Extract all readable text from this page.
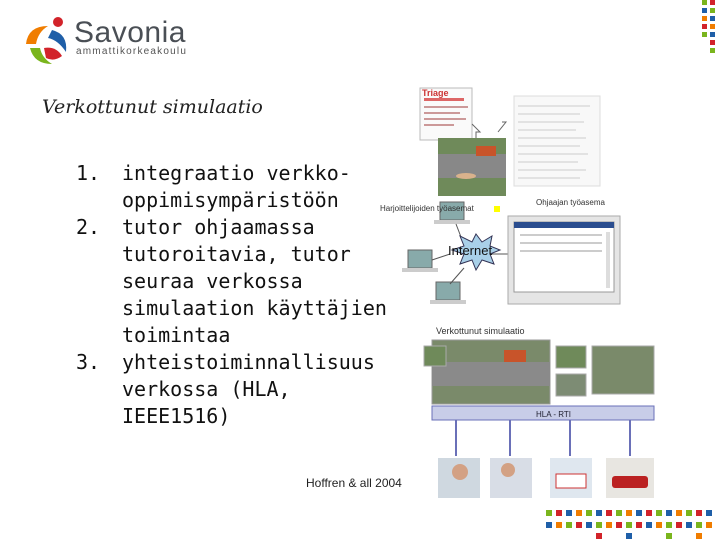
Savonia
ammattikorkeakoulu
Verkottunut simulaatio
1. integraatio verkko-oppimisympäristöön
2. tutor ohjaamassa tutoroitavia, tutor seuraa verkossa simulaation käyttäjien toimintaa
3. yhteistoiminnallisuus verkossa (HLA, IEEE1516)
Hoffren & all 2004
Triage
Harjoittelijoiden työasemat
Ohjaajan työasema
Internet
Verkottunut simulaatio
HLA - RTI
